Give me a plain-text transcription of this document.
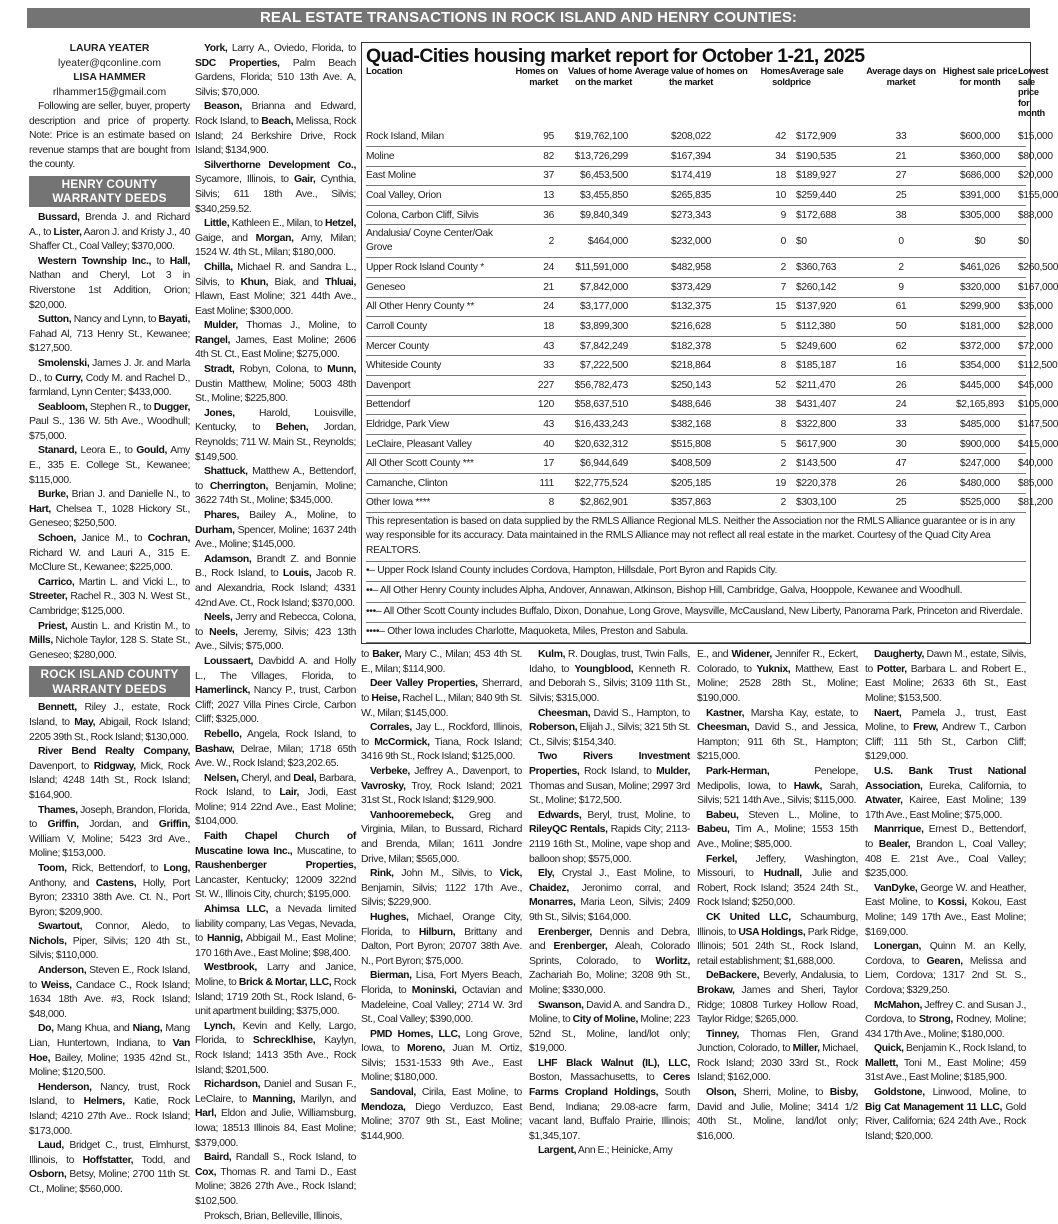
REAL ESTATE TRANSACTIONS IN ROCK ISLAND AND HENRY COUNTIES:
LAURA YEATER
lyeater@qconline.com
LISA HAMMER
rlhammer15@gmail.com

Following are seller, buyer, property description and price of property. Note: Price is an estimate based on revenue stamps that are bought from the county.

HENRY COUNTY WARRANTY DEEDS

Bussard, Brenda J. and Richard A., to Lister, Aaron J. and Kristy J., 40 Shaffer Ct., Coal Valley; $370,000.

Western Township Inc., to Hall, Nathan and Cheryl, Lot 3 in Riverstone 1st Addition, Orion; $20,000.

Sutton, Nancy and Lynn, to Bayati, Fahad Al, 713 Henry St., Kewanee; $127,500.

Smolenski, James J. Jr. and Marla D., to Curry, Cody M. and Rachel D., farmland, Lynn Center; $433,000.

Seabloom, Stephen R., to Dugger, Paul S., 136 W. 5th Ave., Woodhull; $75,000.

Stanard, Leora E., to Gould, Amy E., 335 E. College St., Kewanee; $115,000.

Burke, Brian J. and Danielle N., to Hart, Chelsea T., 1028 Hickory St., Geneseo; $250,500.

Schoen, Janice M., to Cochran, Richard W. and Lauri A., 315 E. McClure St., Kewanee; $225,000.

Carrico, Martin L. and Vicki L., to Streeter, Rachel R., 303 N. West St., Cambridge; $125,000.

Priest, Austin L. and Kristin M., to Mills, Nichole Taylor, 128 S. State St., Geneseo; $280,000.

ROCK ISLAND COUNTY WARRANTY DEEDS

Bennett, Riley J., estate, Rock Island, to May, Abigail, Rock Island; 2205 39th St., Rock Island; $130,000.

River Bend Realty Company, Davenport, to Ridgway, Mick, Rock Island; 4248 14th St., Rock Island; $164,900.

Thames, Joseph, Brandon, Florida, to Griffin, Jordan, and Griffin, William V, Moline; 5423 3rd Ave., Moline; $153,000.

Toom, Rick, Bettendorf, to Long, Anthony, and Castens, Holly, Port Byron; 23310 38th Ave. Ct. N., Port Byron; $209,900.

Swartout, Connor, Aledo, to Nichols, Piper, Silvis; 120 4th St., Silvis; $110,000.

Anderson, Steven E., Rock Island, to Weiss, Candace C., Rock Island; 1634 18th Ave. #3, Rock Island; $48,000.

Do, Mang Khua, and Niang, Mang Lian, Huntertown, Indiana, to Van Hoe, Bailey, Moline; 1935 42nd St., Moline; $120,500.

Henderson, Nancy, trust, Rock Island, to Helmers, Katie, Rock Island; 4210 27th Ave.. Rock Island; $173,000.

Laud, Bridget C., trust, Elmhurst, Illinois, to Hoffstatter, Todd, and Osborn, Betsy, Moline; 2700 11th St. Ct., Moline; $560,000.

York, Larry A., Oviedo, Florida, to SDC Properties, Palm Beach Gardens, Florida; 510 13th Ave. A, Silvis; $70,000.

Beason, Brianna and Edward, Rock Island, to Beach, Melissa, Rock Island; 24 Berkshire Drive, Rock Island; $134,900.

Silverthorne Development Co., Sycamore, Illinois, to Gair, Cynthia, Silvis; 611 18th Ave., Silvis; $340,259.52.

Little, Kathleen E., Milan, to Hetzel, Gaige, and Morgan, Amy, Milan; 1524 W. 4th St., Milan; $180,000.

Chilla, Michael R. and Sandra L., Silvis, to Khun, Biak, and Thluai, Hlawn, East Moline; 321 44th Ave., East Moline; $300,000.

Mulder, Thomas J., Moline, to Rangel, James, East Moline; 2606 4th St. Ct., East Moline; $275,000.

Stradt, Robyn, Colona, to Munn, Dustin Matthew, Moline; 5003 48th St., Moline; $225,800.

Jones, Harold, Louisville, Kentucky, to Behen, Jordan, Reynolds; 711 W. Main St., Reynolds; $149,500.

Shattuck, Matthew A., Bettendorf, to Cherrington, Benjamin, Moline; 3622 74th St., Moline; $345,000.

Phares, Bailey A., Moline, to Durham, Spencer, Moline; 1637 24th Ave., Moline; $145,000.

Adamson, Brandt Z. and Bonnie B., Rock Island, to Louis, Jacob R. and Alexandria, Rock Island; 4331 42nd Ave. Ct., Rock Island; $370,000.

Neels, Jerry and Rebecca, Colona, to Neels, Jeremy, Silvis; 423 13th Ave., Silvis; $75,000.

Loussaert, Davbidd A. and Holly L., The Villages, Florida, to Hamerlinck, Nancy P., trust, Carbon Cliff; 2027 Villa Pines Circle, Carbon Cliff; $325,000.

Rebello, Angela, Rock Island, to Bashaw, Delrae, Milan; 1718 65th Ave. W., Rock Island; $23,202.65.

Nelsen, Cheryl, and Deal, Barbara, Rock Island, to Lair, Jodi, East Moline; 914 22nd Ave., East Moline; $104,000.

Faith Chapel Church of Muscatine Iowa Inc., Muscatine, to Raushenberger Properties, Lancaster, Kentucky; 12009 322nd St. W., Illinois City, church; $195,000.

Ahimsa LLC, a Nevada limited liability company, Las Vegas, Nevada, to Hannig, Abbigail M., East Moline; 170 16th Ave., East Moline; $98,400.

Westbrook, Larry and Janice, Moline, to Brick & Mortar, LLC, Rock Island; 1719 20th St., Rock Island, 6-unit apartment building; $375,000.

Lynch, Kevin and Kelly, Largo, Florida, to Schrecklhise, Kaylyn, Rock Island; 1413 35th Ave., Rock Island; $201,500.

Richardson, Daniel and Susan F., LeClaire, to Manning, Marilyn, and Harl, Eldon and Julie, Williamsburg, Iowa; 18513 Illinois 84, East Moline; $379,000.

Baird, Randall S., Rock Island, to Cox, Thomas R. and Tami D., East Moline; 3826 27th Ave., Rock Island; $102,500.

Proksch, Brian, Belleville, Illinois,

Quad-Cities housing market report for October 1-21, 2025
Location	Homes on market	Values of home on the market	Average value of homes on the market	Homes sold	Average sale price	Average days on market	Highest sale price for month	Lowest sale price for month
Rock Island, Milan	95	$19,762,100	$208,022	42	$172,909	33	$600,000	$15,000
Moline	82	$13,726,299	$167,394	34	$190,535	21	$360,000	$80,000
East Moline	37	$6,453,500	$174,419	18	$189,927	27	$686,000	$20,000
Coal Valley, Orion	13	$3,455,850	$265,835	10	$259,440	25	$391,000	$155,000
Colona, Carbon Cliff, Silvis	36	$9,840,349	$273,343	9	$172,688	38	$305,000	$88,000
Andalusia/ Coyne Center/Oak Grove	2	$464,000	$232,000	0	$0	0	$0	$0
Upper Rock Island County *	24	$11,591,000	$482,958	2	$360,763	2	$461,026	$260,500
Geneseo	21	$7,842,000	$373,429	7	$260,142	9	$320,000	$167,000
All Other Henry County **	24	$3,177,000	$132,375	15	$137,920	61	$299,900	$35,000
Carroll County	18	$3,899,300	$216,628	5	$112,380	50	$181,000	$28,000
Mercer County	43	$7,842,249	$182,378	5	$249,600	62	$372,000	$72,000
Whiteside County	33	$7,222,500	$218,864	8	$185,187	16	$354,000	$112,500
Davenport	227	$56,782,473	$250,143	52	$211,470	26	$445,000	$45,000
Bettendorf	120	$58,637,510	$488,646	38	$431,407	24	$2,165,893	$105,000
Eldridge, Park View	43	$16,433,243	$382,168	8	$322,800	33	$485,000	$147,500
LeClaire, Pleasant Valley	40	$20,632,312	$515,808	5	$617,900	30	$900,000	$415,000
All Other Scott County ***	17	$6,944,649	$408,509	2	$143,500	47	$247,000	$40,000
Camanche, Clinton	111	$22,775,524	$205,185	19	$220,378	26	$480,000	$85,000
Other Iowa ****	8	$2,862,901	$357,863	2	$303,100	25	$525,000	$81,200

This representation is based on data supplied by the RMLS Alliance Regional MLS. Neither the Association nor the RMLS Alliance guarantee or is in any way responsible for its accuracy. Data maintained in the RMLS Alliance may not reflect all real estate in the market. Courtesy of the Quad City Area REALTORS.

•– Upper Rock Island County includes Cordova, Hampton, Hillsdale, Port Byron and Rapids City.

••– All Other Henry County includes Alpha, Andover, Annawan, Atkinson, Bishop Hill, Cambridge, Galva, Hooppole, Kewanee and Woodhull.

•••– All Other Scott County includes Buffalo, Dixon, Donahue, Long Grove, Maysville, McCausland, New Liberty, Panorama Park, Princeton and Riverdale.

••••– Other Iowa includes Charlotte, Maquoketa, Miles, Preston and Sabula.

to Baker, Mary C., Milan; 453 4th St. E., Milan; $114,900.

Deer Valley Properties, Sherrard, to Heise, Rachel L., Milan; 840 9th St. W., Milan; $145,000.

Corrales, Jay L., Rockford, Illinois, to McCormick, Tiana, Rock Island; 3416 9th St., Rock Island; $125,000.

Verbeke, Jeffrey A., Davenport, to Vavrosky, Troy, Rock Island; 2021 31st St., Rock Island; $129,900.

Vanhooremebeck, Greg and Virginia, Milan, to Bussard, Richard and Brenda, Milan; 1611 Jondre Drive, Milan; $565,000.

Rink, John M., Silvis, to Vick, Benjamin, Silvis; 1122 17th Ave., Silvis; $229,900.

Hughes, Michael, Orange City, Florida, to Hilburn, Brittany and Dalton, Port Byron; 20707 38th Ave. N., Port Byron; $75,000.

Bierman, Lisa, Fort Myers Beach, Florida, to Moninski, Octavian and Madeleine, Coal Valley; 2714 W. 3rd St., Coal Valley; $390,000.

PMD Homes, LLC, Long Grove, Iowa, to Moreno, Juan M. Ortiz, Silvis; 1531-1533 9th Ave., East Moline; $180,000.

Sandoval, Cirila, East Moline, to Mendoza, Diego Verduzco, East Moline; 3707 9th St., East Moline; $144,900.

Kulm, R. Douglas, trust, Twin Falls, Idaho, to Youngblood, Kenneth R. and Deborah S., Silvis; 3109 11th St., Silvis; $315,000.

Cheesman, David S., Hampton, to Roberson, Elijah J., Silvis; 321 5th St. Ct., Silvis; $154,340.

Two Rivers Investment Properties, Rock Island, to Mulder, Thomas and Susan, Moline; 2997 3rd St., Moline; $172,500.

Edwards, Beryl, trust, Moline, to RileyQC Rentals, Rapids City; 2113-2119 16th St., Moline, vape shop and balloon shop; $575,000.

Ely, Crystal J., East Moline, to Chaidez, Jeronimo corral, and Monarres, Maria Leon, Silvis; 2409 9th St., Silvis; $164,000.

Erenberger, Dennis and Debra, and Erenberger, Aleah, Colorado Sprints, Colorado, to Worlitz, Zachariah Bo, Moline; 3208 9th St., Moline; $330,000.

Swanson, David A. and Sandra D., Moline, to City of Moline, Moline; 223 52nd St., Moline, land/lot only; $19,000.

LHF Black Walnut (IL), LLC, Boston, Massachusetts, to Ceres Farms Cropland Holdings, South Bend, Indiana; 29.08-acre farm, vacant land, Buffalo Prairie, Illinois; $1,345,107.

Largent, Ann E.; Heinicke, Amy

E., and Widener, Jennifer R., Eckert, Colorado, to Yuknix, Matthew, East Moline; 2528 28th St., Moline; $190,000.

Kastner, Marsha Kay, estate, to Cheesman, David S., and Jessica, Hampton; 911 6th St., Hampton; $215,000.

Park-Herman, Penelope, Medipolis, Iowa, to Hawk, Sarah, Silvis; 521 14th Ave., Silvis; $115,000.

Babeu, Steven L., Moline, to Babeu, Tim A., Moline; 1553 15th Ave., Moline; $85,000.

Ferkel, Jeffery, Washington, Missouri, to Hudnall, Julie and Robert, Rock Island; 3524 24th St., Rock Island; $250,000.

CK United LLC, Schaumburg, Illinois, to USA Holdings, Park Ridge, Illinois; 501 24th St., Rock Island, retail establishment; $1,688,000.

DeBackere, Beverly, Andalusia, to Brokaw, James and Sheri, Taylor Ridge; 10808 Turkey Hollow Road, Taylor Ridge; $265,000.

Tinney, Thomas Flen, Grand Junction, Colorado, to Miller, Michael, Rock Island; 2030 33rd St., Rock Island; $162,000.

Olson, Sherri, Moline, to Bisby, David and Julie, Moline; 3414 1/2 40th St., Moline, land/lot only; $16,000.

Daugherty, Dawn M., estate, Silvis, to Potter, Barbara L. and Robert E., East Moline; 2633 6th St., East Moline; $153,500.

Naert, Pamela J., trust, East Moline, to Frew, Andrew T., Carbon Cliff; 111 5th St., Carbon Cliff; $129,000.

U.S. Bank Trust National Association, Eureka, California, to Atwater, Kairee, East Moline; 139 17th Ave., East Moline; $75,000.

Manrrique, Ernest D., Bettendorf, to Bealer, Brandon L, Coal Valley; 408 E. 21st Ave., Coal Valley; $235,000.

VanDyke, George W. and Heather, East Moline, to Kossi, Kokou, East Moline; 149 17th Ave., East Moline; $169,000.

Lonergan, Quinn M. an Kelly, Cordova, to Gearen, Melissa and Liem, Cordova; 1317 2nd St. S., Cordova; $329,250.

McMahon, Jeffrey C. and Susan J., Cordova, to Strong, Rodney, Moline; 434 17th Ave., Moline; $180,000.

Quick, Benjamin K., Rock Island, to Mallett, Toni M., East Moline; 459 31st Ave., East Moline; $185,900.

Goldstone, Linwood, Moline, to Big Cat Management 11 LLC, Gold River, California; 624 24th Ave., Rock Island; $20,000.
